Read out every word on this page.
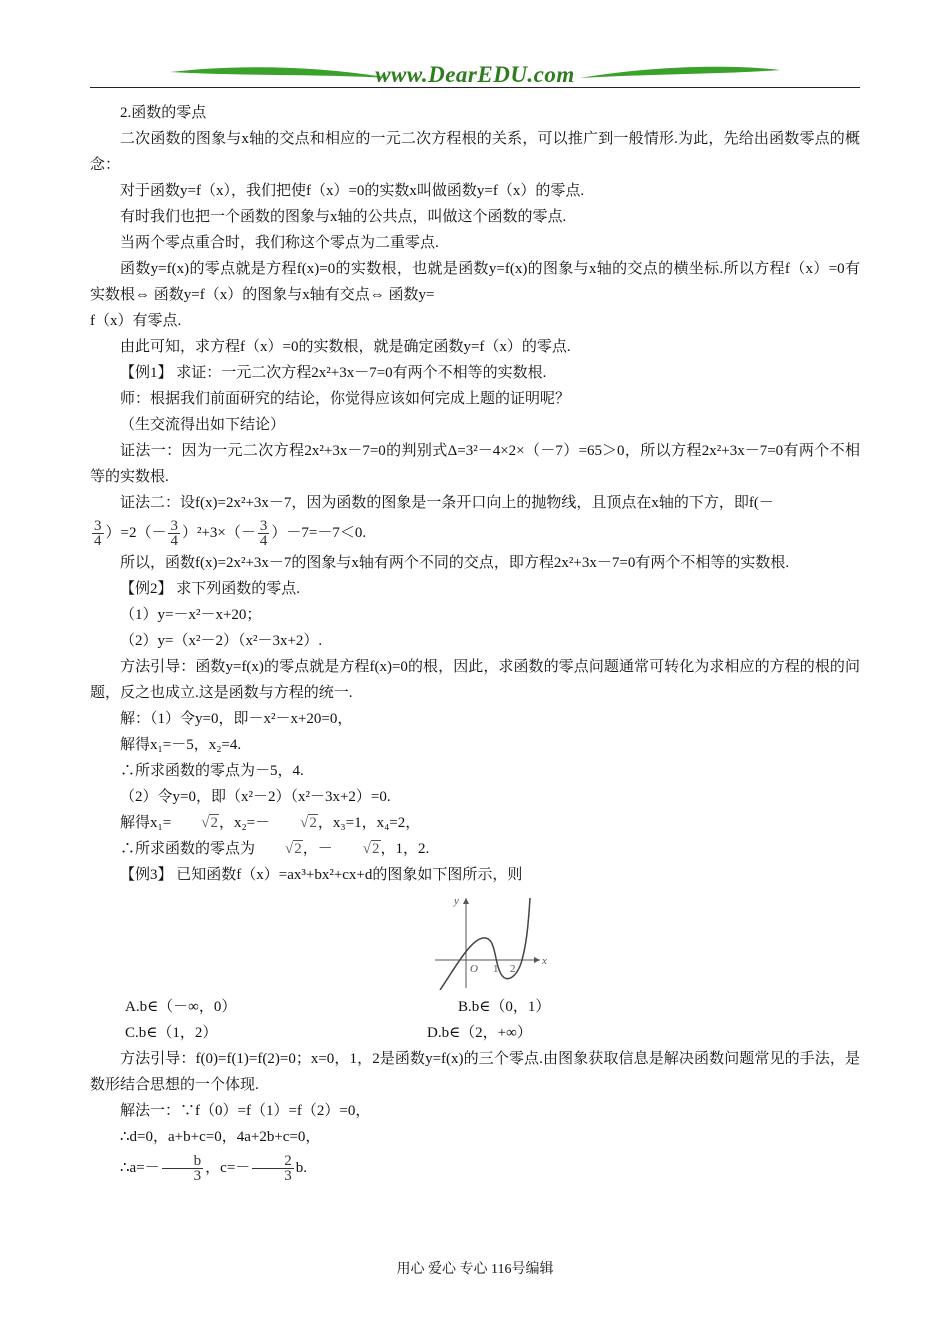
www.DearEDU.com

2.函数的零点

二次函数的图象与x轴的交点和相应的一元二次方程根的关系，可以推广到一般情形.为此，先给出函数零点的概念：

对于函数y=f（x），我们把使f（x）=0的实数x叫做函数y=f（x）的零点.

有时我们也把一个函数的图象与x轴的公共点，叫做这个函数的零点.

当两个零点重合时，我们称这个零点为二重零点.

函数y=f(x)的零点就是方程f(x)=0的实数根，也就是函数y=f(x)的图象与x轴的交点的横坐标.所以方程f（x）=0有实数根⇔ 函数y=f（x）的图象与x轴有交点⇔ 函数y=

f（x）有零点.

由此可知，求方程f（x）=0的实数根，就是确定函数y=f（x）的零点.

【例1】 求证：一元二次方程2x²+3x－7=0有两个不相等的实数根.

师：根据我们前面研究的结论，你觉得应该如何完成上题的证明呢？

（生交流得出如下结论）

证法一：因为一元二次方程2x²+3x－7=0的判别式Δ=3²－4×2×（－7）=65＞0，所以方程2x²+3x－7=0有两个不相等的实数根.

证法二：设f(x)=2x²+3x－7，因为函数的图象是一条开口向上的抛物线，且顶点在x轴的下方，即f(－

$\frac{3}{4} )=2(- \frac{3}{4} )^2+3\times(- \frac{3}{4} )-7=-7<0$.

所以，函数f(x)=2x²+3x－7的图象与x轴有两个不同的交点，即方程2x²+3x－7=0有两个不相等的实数根.

【例2】 求下列函数的零点.

（1）y=－x²－x+20；

（2）y=（x²－2）（x²－3x+2）.

方法引导：函数y=f(x)的零点就是方程f(x)=0的根，因此，求函数的零点问题通常可转化为求相应的方程的根的问题，反之也成立.这是函数与方程的统一.

解：（1）令y=0，即－x²－x+20=0，

解得x₁=－5，x₂=4.

∴所求函数的零点为－5，4.

（2）令y=0，即（x²－2）（x²－3x+2）=0.

解得x₁= √2，x₂=－ √2，x₃=1，x₄=2，

∴所求函数的零点为 √2，－ √2，1，2.

【例3】 已知函数f（x）=ax³+bx²+cx+d的图象如下图所示，则

y
x
O 1 2
A.b∈（－∞，0）	B.b∈（0，1）
C.b∈（1，2）	D.b∈（2，+∞）

方法引导：f(0)=f(1)=f(2)=0；x=0，1，2是函数y=f(x)的三个零点.由图象获取信息是解决函数问题常见的手法，是数形结合思想的一个体现.

解法一：∵f（0）=f（1）=f（2）=0，

∴d=0，a+b+c=0，4a+2b+c=0，

∴a=－ $\frac{b}{3}$ ，$c=- \frac{2}{3} b$.

用心 爱心 专心 116号编辑
